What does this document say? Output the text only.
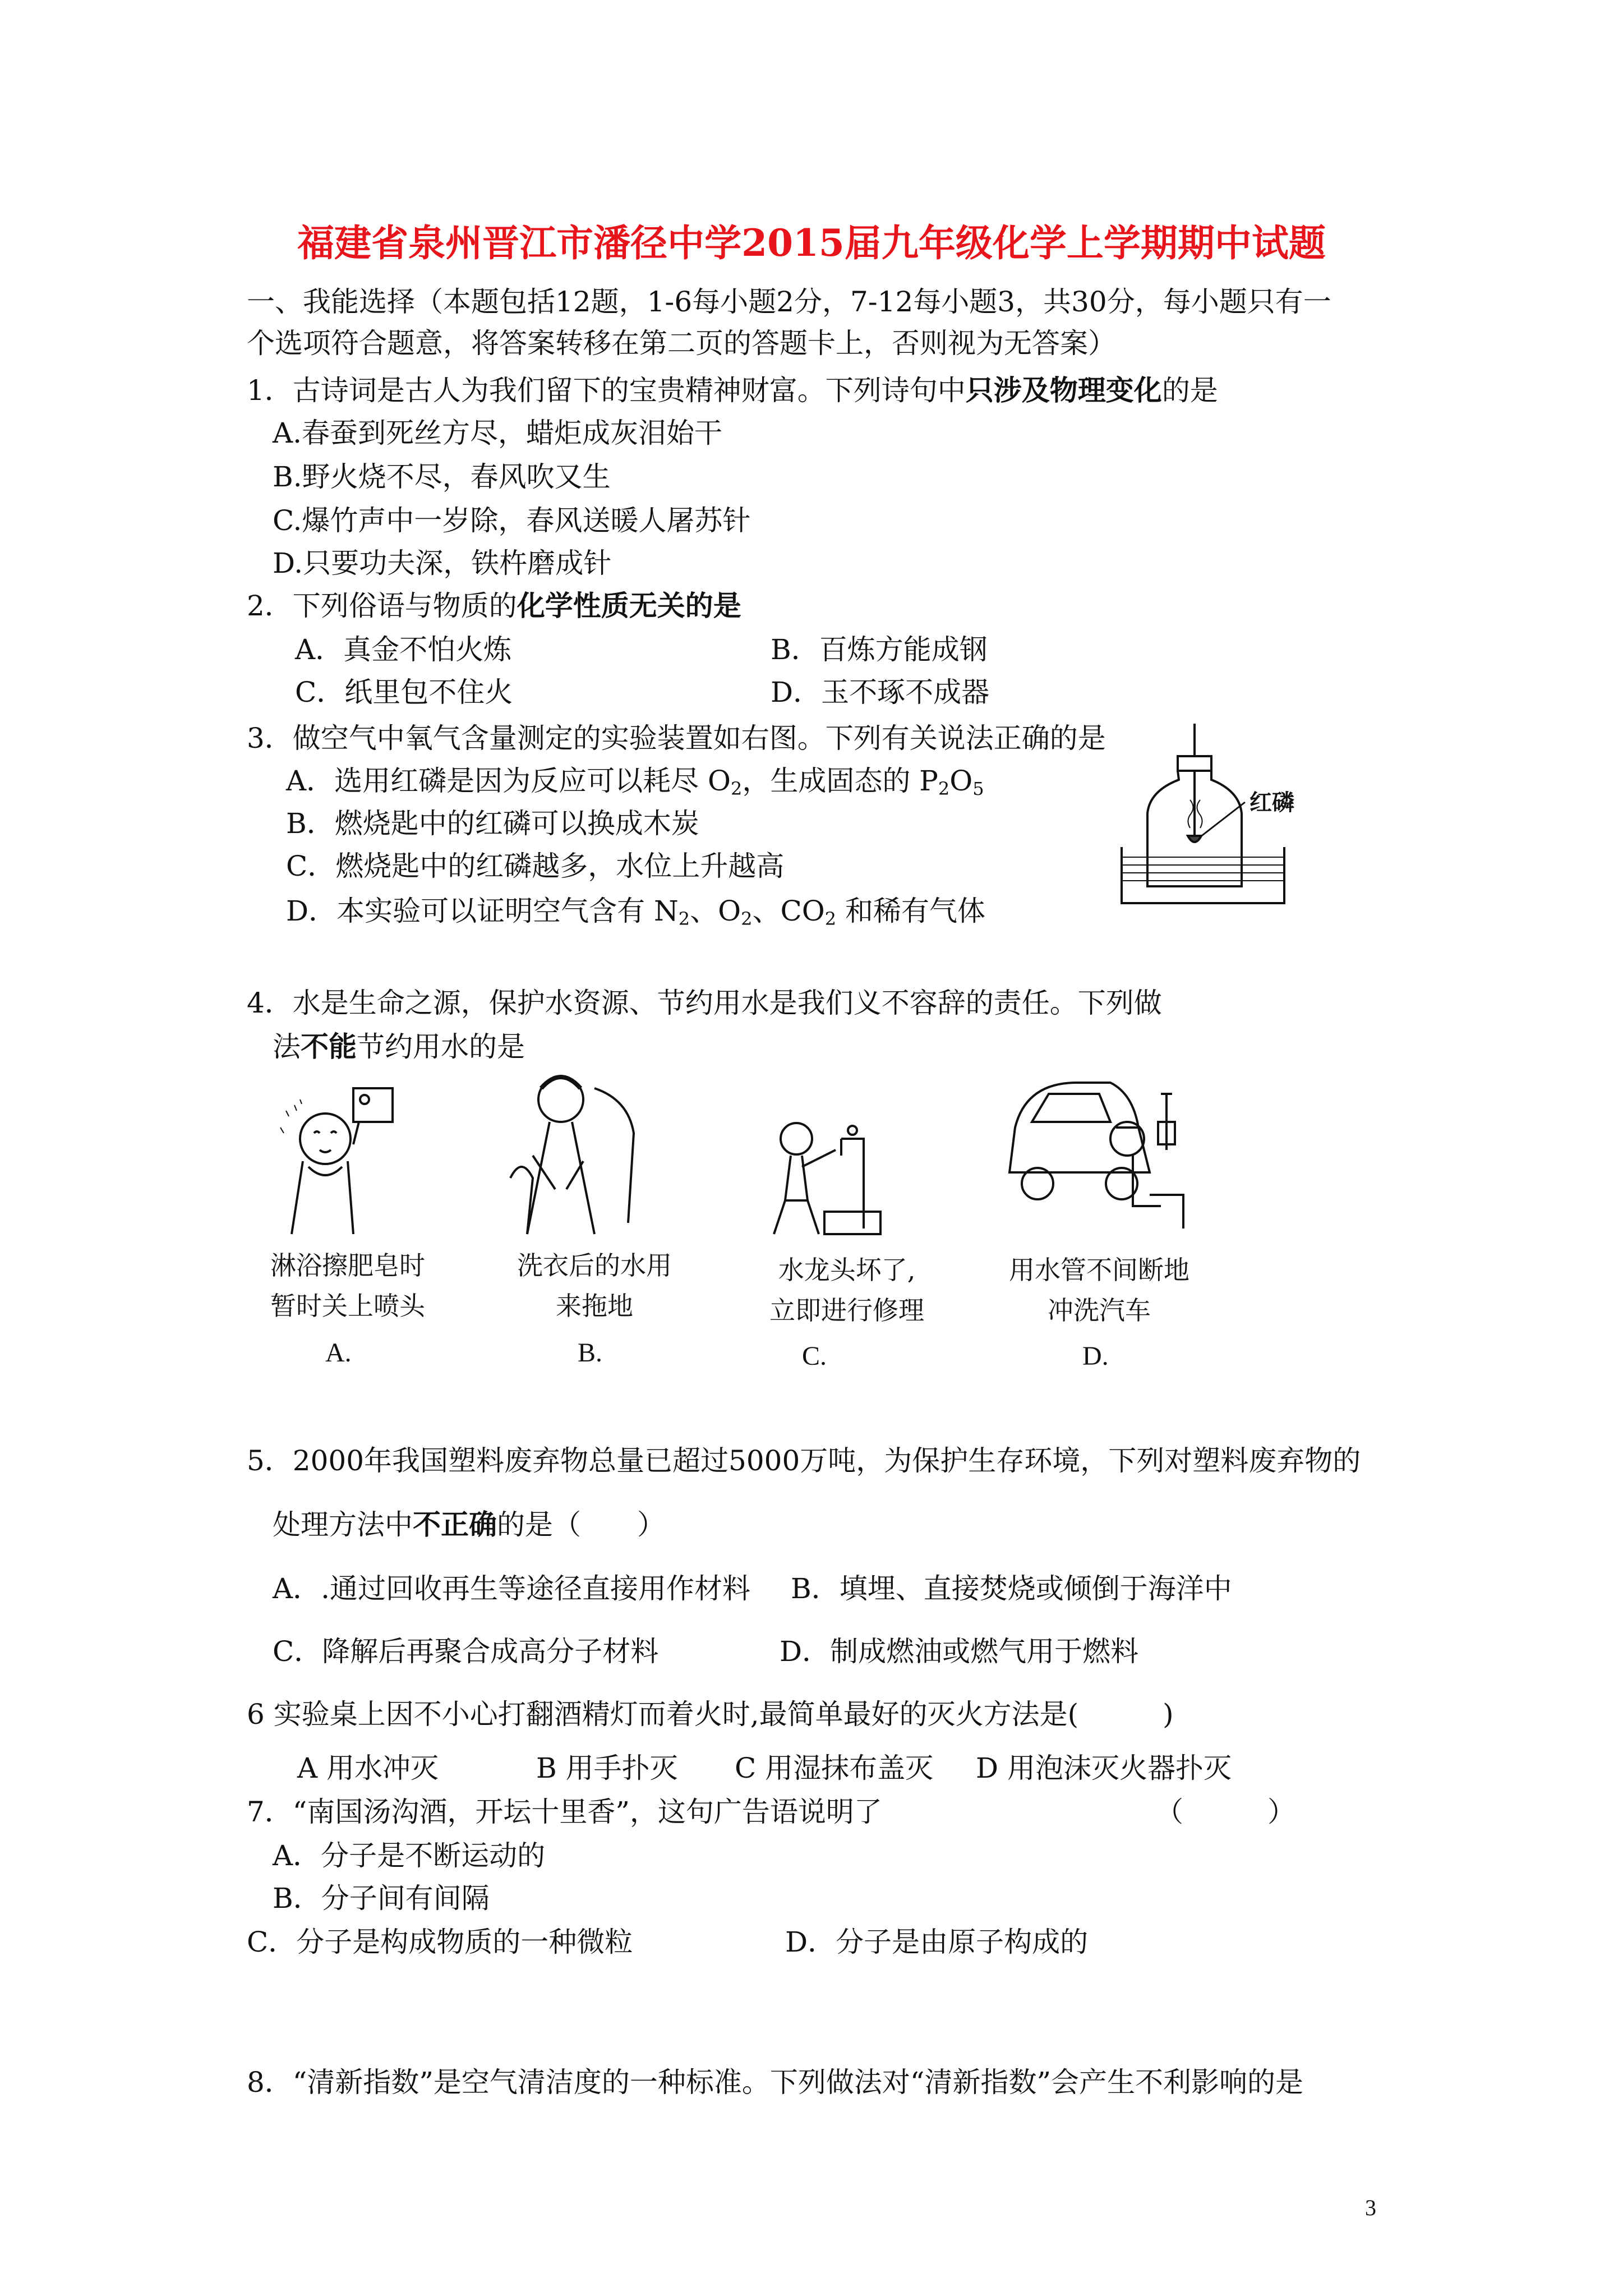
福建省泉州晋江市潘径中学2015届九年级化学上学期期中试题
一、我能选择（本题包括12题，1-6每小题2分，7-12每小题3，共30分，每小题只有一
个选项符合题意，将答案转移在第二页的答题卡上，否则视为无答案）
1．古诗词是古人为我们留下的宝贵精神财富。下列诗句中只涉及物理变化的是
A.春蚕到死丝方尽，蜡炬成灰泪始干
B.野火烧不尽，春风吹又生
C.爆竹声中一岁除，春风送暖人屠苏针
D.只要功夫深，铁杵磨成针
2．下列俗语与物质的化学性质无关的是
A．真金不怕火炼	B．百炼方能成钢
C．纸里包不住火	D．玉不琢不成器
3．做空气中氧气含量测定的实验装置如右图。下列有关说法正确的是
A．选用红磷是因为反应可以耗尽 $O_2$，生成固态的 $P_2O_5$
B．燃烧匙中的红磷可以换成木炭
C．燃烧匙中的红磷越多，水位上升越高
D．本实验可以证明空气含有 $N_2$、$O_2$、$CO_2$ 和稀有气体
红磷
4．水是生命之源，保护水资源、节约用水是我们义不容辞的责任。下列做
法不能节约用水的是
淋浴擦肥皂时
暂时关上喷头
A.
洗衣后的水用
来拖地
B.
水龙头坏了,
立即进行修理
C.
用水管不间断地
冲洗汽车
D.
5．2000年我国塑料废弃物总量已超过5000万吨，为保护生存环境，下列对塑料废弃物的
处理方法中不正确的是（　　）
A．.通过回收再生等途径直接用作材料 B．填埋、直接焚烧或倾倒于海洋中
C．降解后再聚合成高分子材料	D．制成燃油或燃气用于燃料
6 实验桌上因不小心打翻酒精灯而着火时,最简单最好的灭火方法是(　　　)
A 用水冲灭	B 用手扑灭 C 用湿抹布盖灭 D 用泡沫灭火器扑灭
7．“南国汤沟酒，开坛十里香”，这句广告语说明了	（　　　）
A．分子是不断运动的
B．分子间有间隔
C．分子是构成物质的一种微粒	D．分子是由原子构成的
8．“清新指数”是空气清洁度的一种标准。下列做法对“清新指数”会产生不利影响的是
3
